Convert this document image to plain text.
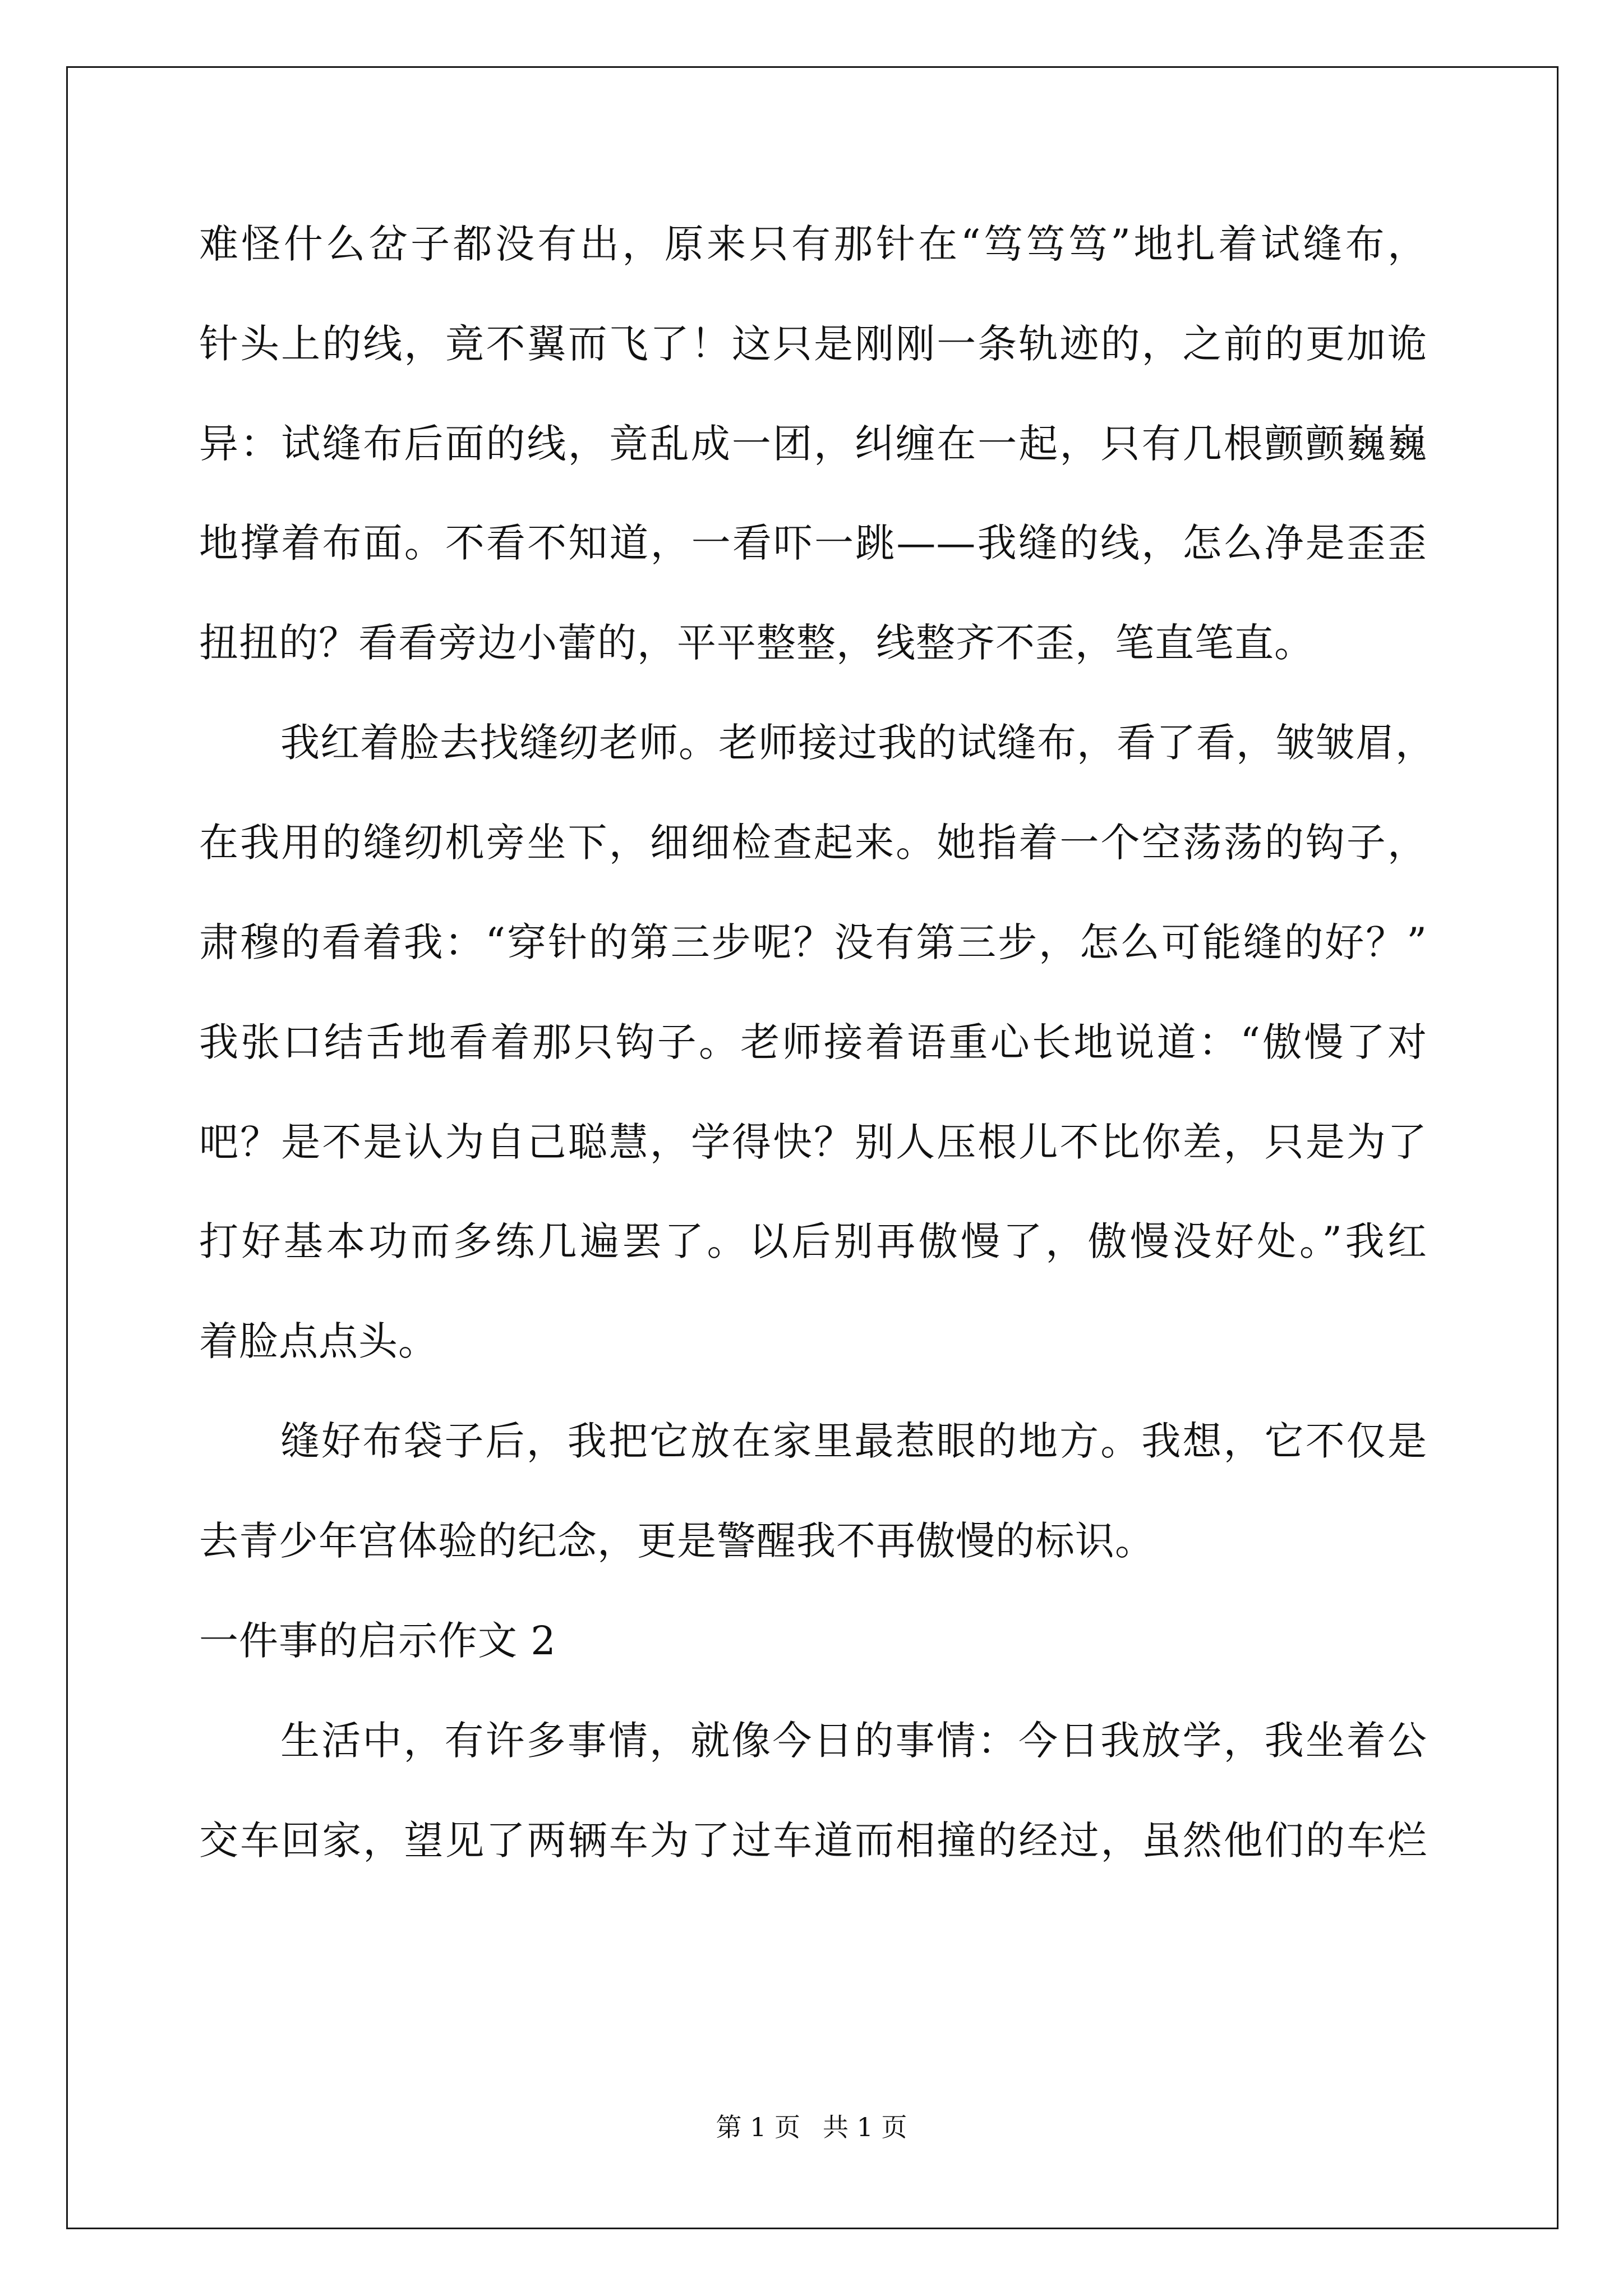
难怪什么岔子都没有出，原来只有那针在“笃笃笃”地扎着试缝布，
针头上的线，竟不翼而飞了！这只是刚刚一条轨迹的，之前的更加诡
异：试缝布后面的线，竟乱成一团，纠缠在一起，只有几根颤颤巍巍
地撑着布面。不看不知道，一看吓一跳——我缝的线，怎么净是歪歪
扭扭的？看看旁边小蕾的，平平整整，线整齐不歪，笔直笔直。
我红着脸去找缝纫老师。老师接过我的试缝布，看了看，皱皱眉，
在我用的缝纫机旁坐下，细细检查起来。她指着一个空荡荡的钩子，
肃穆的看着我：“穿针的第三步呢？没有第三步，怎么可能缝的好？”
我张口结舌地看着那只钩子。老师接着语重心长地说道：“傲慢了对
吧？是不是认为自己聪慧，学得快？别人压根儿不比你差，只是为了
打好基本功而多练几遍罢了。以后别再傲慢了，傲慢没好处。”我红
着脸点点头。
缝好布袋子后，我把它放在家里最惹眼的地方。我想，它不仅是
去青少年宫体验的纪念，更是警醒我不再傲慢的标识。
一件事的启示作文 2
生活中，有许多事情，就像今日的事情：今日我放学，我坐着公
交车回家，望见了两辆车为了过车道而相撞的经过，虽然他们的车烂
第 1 页 共 1 页
